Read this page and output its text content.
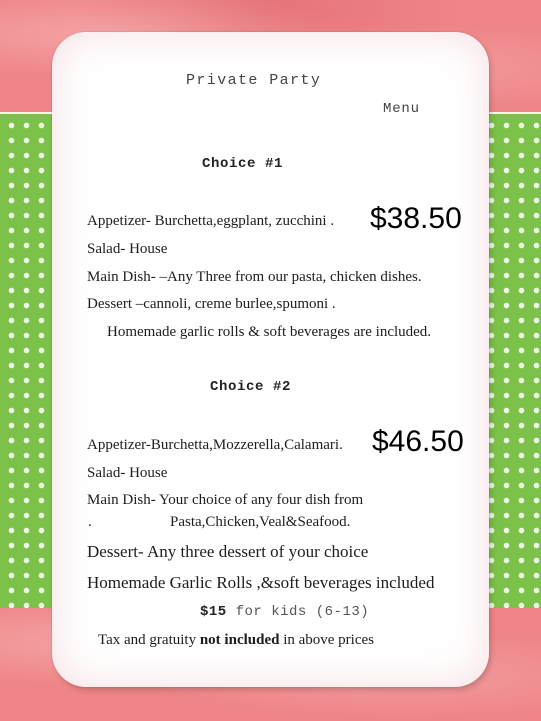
Private Party
Menu
Choice #1
Appetizer- Burchetta,eggplant, zucchini . $38.50
Salad- House
Main Dish- –Any Three from our pasta, chicken dishes.
Dessert –cannoli, creme burlee,spumoni .
Homemade garlic rolls & soft beverages are included.
Choice #2
Appetizer-Burchetta,Mozzerella,Calamari. $46.50
Salad- House
Main Dish- Your choice of any four dish from
.	Pasta,Chicken,Veal&Seafood.
Dessert- Any three dessert of your choice
Homemade Garlic Rolls ,&soft beverages included
$15 for kids (6-13)
Tax and gratuity not included in above prices
